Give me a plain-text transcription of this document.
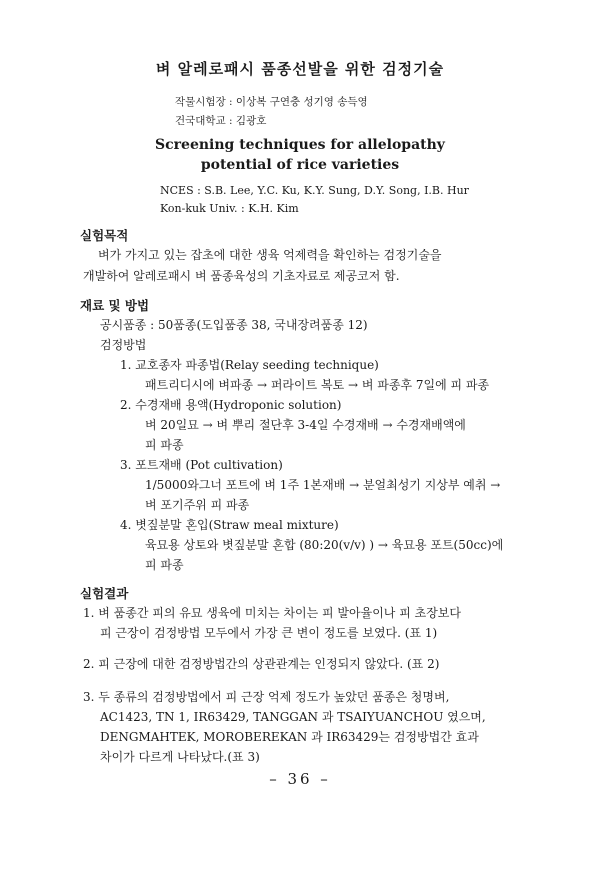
벼 알레로패시 품종선발을 위한 검정기술
작물시험장 : 이상복 구연충 성기영 송득영
건국대학교 : 김광호
Screening techniques for allelopathy
potential of rice varieties
NCES : S.B. Lee, Y.C. Ku, K.Y. Sung, D.Y. Song, I.B. Hur
Kon-kuk Univ. : K.H. Kim
실험목적
벼가 가지고 있는 잡초에 대한 생육 억제력을 확인하는 검정기술을
개발하여 알레로패시 벼 품종육성의 기초자료로 제공코저 함.
재료 및 방법
공시품종 : 50품종(도입품종 38, 국내장려품종 12)
검정방법
1. 교호종자 파종법(Relay seeding technique)
패트리디시에 벼파종 → 퍼라이트 복토 → 벼 파종후 7일에 피 파종
2. 수경재배 용액(Hydroponic solution)
벼 20일묘 → 벼 뿌리 절단후 3-4일 수경재배 → 수경재배액에
피 파종
3. 포트재배 (Pot cultivation)
1/5000와그너 포트에 벼 1주 1본재배 → 분얼최성기 지상부 예취 →
벼 포기주위 피 파종
4. 볏짚분말 혼입(Straw meal mixture)
육묘용 상토와 볏짚분말 혼합 (80:20(v/v) ) → 육묘용 포트(50cc)에
피 파종
실험결과
1. 벼 품종간 피의 유묘 생육에 미치는 차이는 피 발아율이나 피 초장보다
피 근장이 검정방법 모두에서 가장 큰 변이 정도를 보였다. (표 1)
2. 피 근장에 대한 검정방법간의 상관관계는 인정되지 않았다. (표 2)
3. 두 종류의 검정방법에서 피 근장 억제 정도가 높았던 품종은 청명벼,
AC1423, TN 1, IR63429, TANGGAN 과 TSAIYUANCHOU 였으며,
DENGMAHTEK, MOROBEREKAN 과 IR63429는 검정방법간 효과
차이가 다르게 나타났다.(표 3)
– 36 –
